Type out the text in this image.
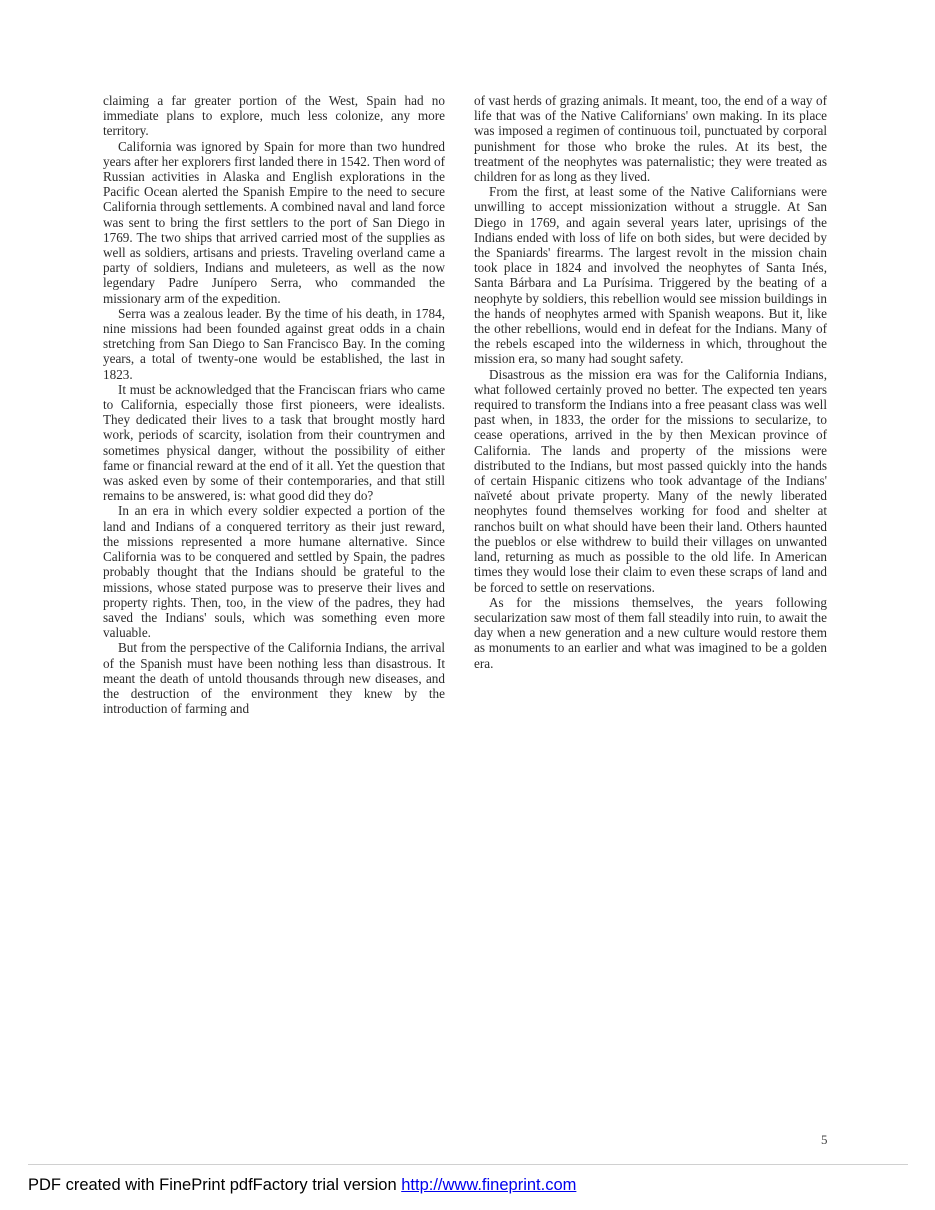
claiming a far greater portion of the West, Spain had no immediate plans to explore, much less colonize, any more territory.

California was ignored by Spain for more than two hundred years after her explorers first landed there in 1542. Then word of Russian activities in Alaska and English explorations in the Pacific Ocean alerted the Spanish Empire to the need to secure California through settlements. A combined naval and land force was sent to bring the first settlers to the port of San Diego in 1769. The two ships that arrived carried most of the supplies as well as soldiers, artisans and priests. Traveling overland came a party of soldiers, Indians and muleteers, as well as the now legendary Padre Junípero Serra, who commanded the missionary arm of the expedition.

Serra was a zealous leader. By the time of his death, in 1784, nine missions had been founded against great odds in a chain stretching from San Diego to San Francisco Bay. In the coming years, a total of twenty-one would be established, the last in 1823.

It must be acknowledged that the Franciscan friars who came to California, especially those first pioneers, were idealists. They dedicated their lives to a task that brought mostly hard work, periods of scarcity, isolation from their countrymen and sometimes physical danger, without the possibility of either fame or financial reward at the end of it all. Yet the question that was asked even by some of their contemporaries, and that still remains to be answered, is: what good did they do?

In an era in which every soldier expected a portion of the land and Indians of a conquered territory as their just reward, the missions represented a more humane alternative. Since California was to be conquered and settled by Spain, the padres probably thought that the Indians should be grateful to the missions, whose stated purpose was to preserve their lives and property rights. Then, too, in the view of the padres, they had saved the Indians' souls, which was something even more valuable.

But from the perspective of the California Indians, the arrival of the Spanish must have been nothing less than disastrous. It meant the death of untold thousands through new diseases, and the destruction of the environment they knew by the introduction of farming and

of vast herds of grazing animals. It meant, too, the end of a way of life that was of the Native Californians' own making. In its place was imposed a regimen of continuous toil, punctuated by corporal punishment for those who broke the rules. At its best, the treatment of the neophytes was paternalistic; they were treated as children for as long as they lived.

From the first, at least some of the Native Californians were unwilling to accept missionization without a struggle. At San Diego in 1769, and again several years later, uprisings of the Indians ended with loss of life on both sides, but were decided by the Spaniards' firearms. The largest revolt in the mission chain took place in 1824 and involved the neophytes of Santa Inés, Santa Bárbara and La Purísima. Triggered by the beating of a neophyte by soldiers, this rebellion would see mission buildings in the hands of neophytes armed with Spanish weapons. But it, like the other rebellions, would end in defeat for the Indians. Many of the rebels escaped into the wilderness in which, throughout the mission era, so many had sought safety.

Disastrous as the mission era was for the California Indians, what followed certainly proved no better. The expected ten years required to transform the Indians into a free peasant class was well past when, in 1833, the order for the missions to secularize, to cease operations, arrived in the by then Mexican province of California. The lands and property of the missions were distributed to the Indians, but most passed quickly into the hands of certain Hispanic citizens who took advantage of the Indians' naïveté about private property. Many of the newly liberated neophytes found themselves working for food and shelter at ranchos built on what should have been their land. Others haunted the pueblos or else withdrew to build their villages on unwanted land, returning as much as possible to the old life. In American times they would lose their claim to even these scraps of land and be forced to settle on reservations.

As for the missions themselves, the years following secularization saw most of them fall steadily into ruin, to await the day when a new generation and a new culture would restore them as monuments to an earlier and what was imagined to be a golden era.

5
PDF created with FinePrint pdfFactory trial version http://www.fineprint.com
